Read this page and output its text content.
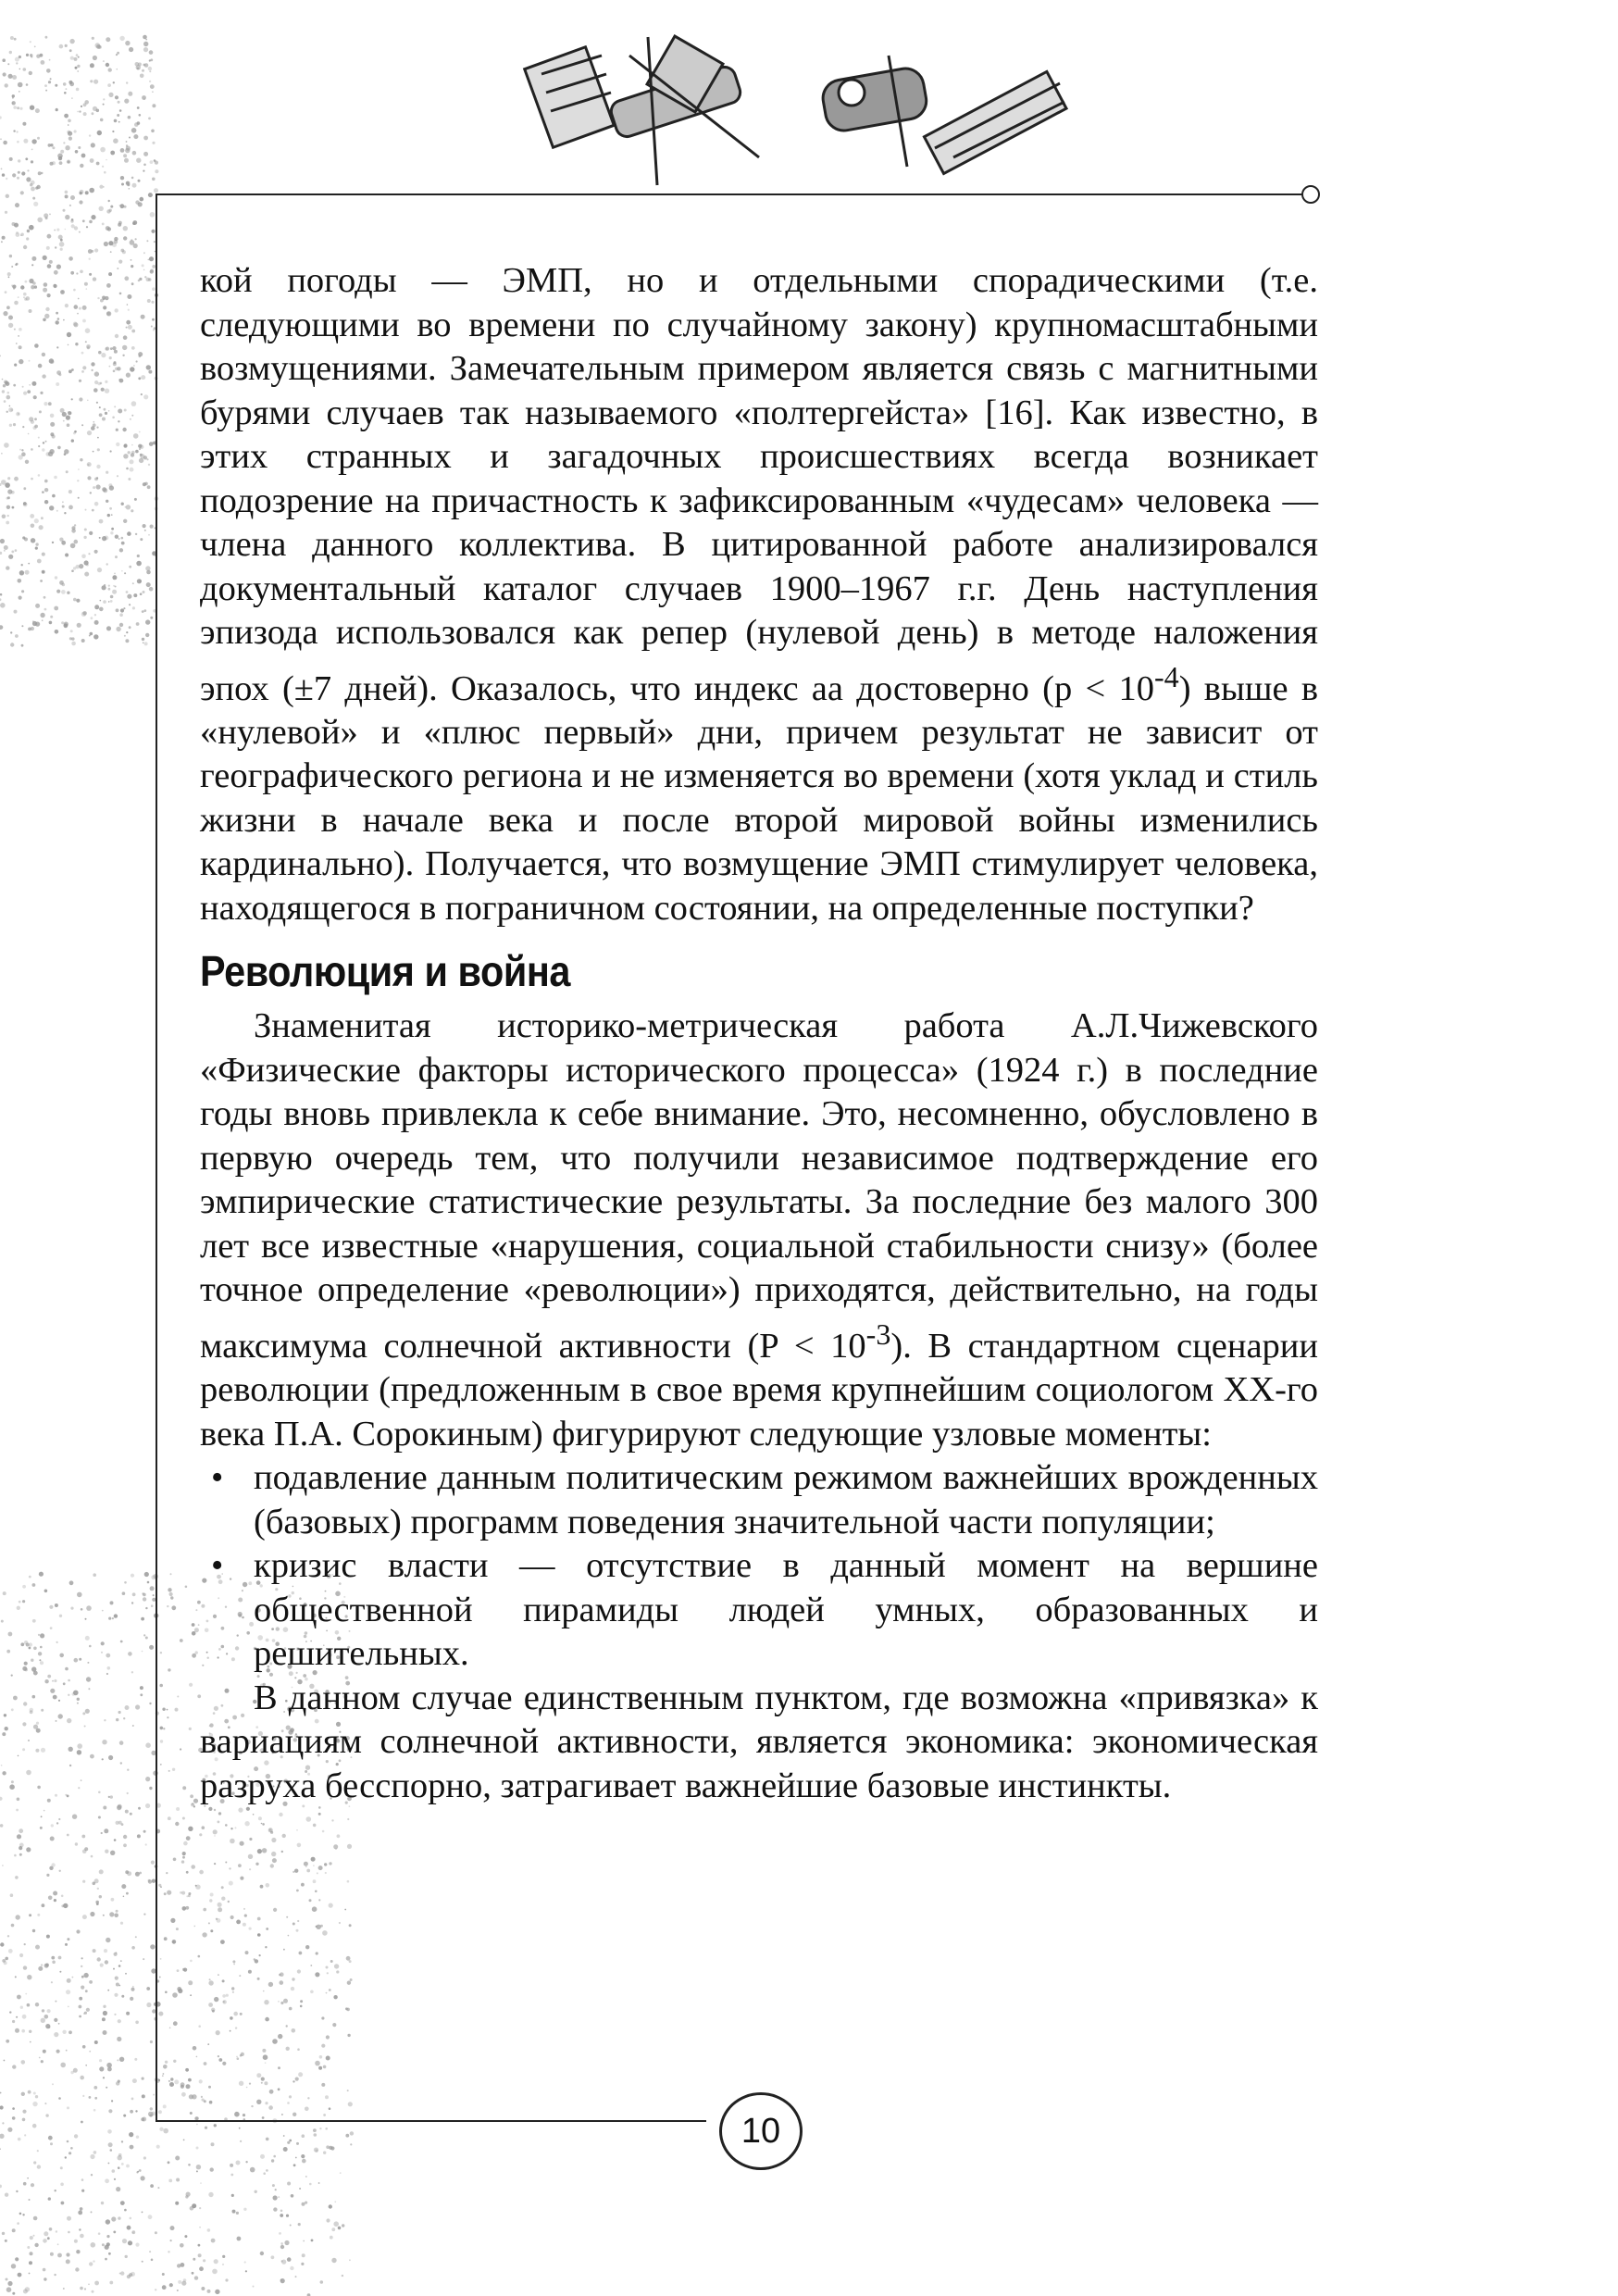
кой погоды — ЭМП, но и отдельными спорадическими (т.е. следующими во времени по случайному закону) крупномасштабными возмущениями. Замечательным примером является связь с магнитными бурями случаев так называемого «полтергейста» [16]. Как известно, в этих странных и загадочных происшествиях всегда возникает подозрение на причастность к зафиксированным «чудесам» человека — члена данного коллектива. В цитированной работе анализировался документальный каталог случаев 1900–1967 г.г. День наступления эпизода использовался как репер (нулевой день) в методе наложения эпох (±7 дней). Оказалось, что индекс aa достоверно $(p < 10^{-4})$ выше в «нулевой» и «плюс первый» дни, причем результат не зависит от географического региона и не изменяется во времени (хотя уклад и стиль жизни в начале века и после второй мировой войны изменились кардинально). Получается, что возмущение ЭМП стимулирует человека, находящегося в пограничном состоянии, на определенные поступки?

Революция и война

Знаменитая историко-метрическая работа А.Л.Чижевского «Физические факторы исторического процесса» (1924 г.) в последние годы вновь привлекла к себе внимание. Это, несомненно, обусловлено в первую очередь тем, что получили независимое подтверждение его эмпирические статистические результаты. За последние без малого 300 лет все известные «нарушения, социальной стабильности снизу» (более точное определение «революции») приходятся, действительно, на годы максимума солнечной активности $(P < 10^{-3})$. В стандартном сценарии революции (предложенным в свое время крупнейшим социологом XX-го века П.А. Сорокиным) фигурируют следующие узловые моменты:

• подавление данным политическим режимом важнейших врожденных (базовых) программ поведения значительной части популяции;
• кризис власти — отсутствие в данный момент на вершине общественной пирамиды людей умных, образованных и решительных.

В данном случае единственным пунктом, где возможна «привязка» к вариациям солнечной активности, является экономика: экономическая разруха бесспорно, затрагивает важнейшие базовые инстинкты.

10
